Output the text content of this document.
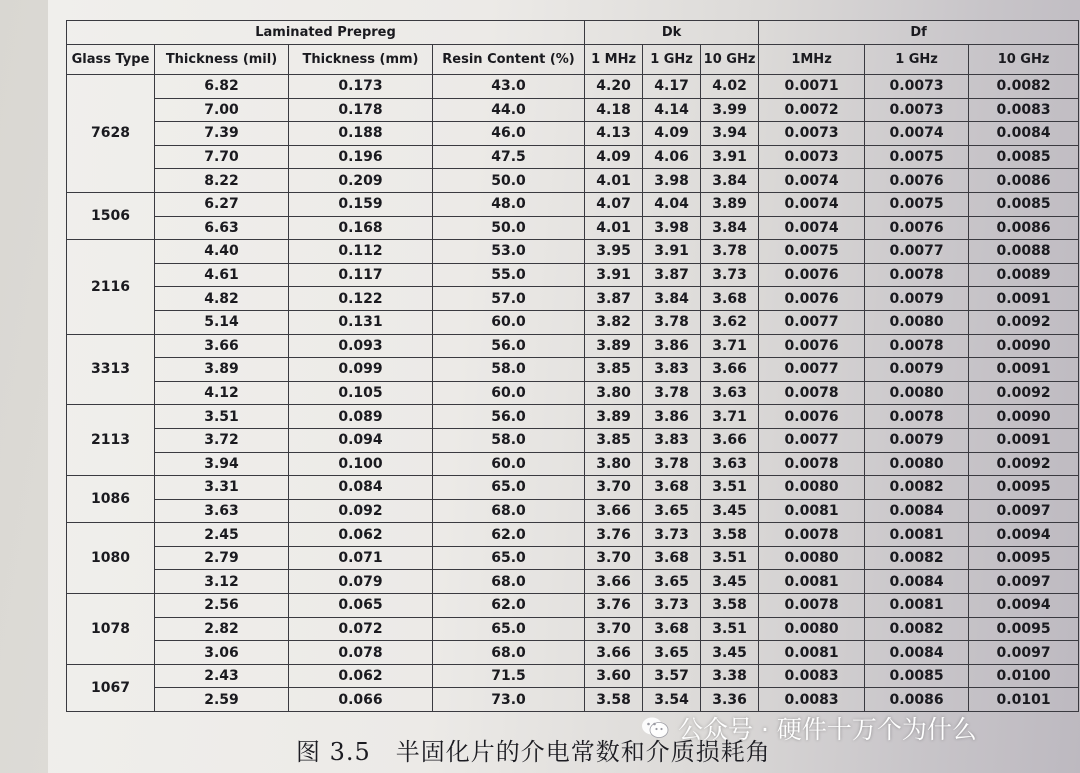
Laminated Prepreg				Dk			Df		
Glass Type	Thickness (mil)	Thickness (mm)	Resin Content (%)	1 MHz	1 GHz	10 GHz	1MHz	1 GHz	10 GHz
7628	6.82	0.173	43.0	4.20	4.17	4.02	0.0071	0.0073	0.0082
	7.00	0.178	44.0	4.18	4.14	3.99	0.0072	0.0073	0.0083
	7.39	0.188	46.0	4.13	4.09	3.94	0.0073	0.0074	0.0084
	7.70	0.196	47.5	4.09	4.06	3.91	0.0073	0.0075	0.0085
	8.22	0.209	50.0	4.01	3.98	3.84	0.0074	0.0076	0.0086
1506	6.27	0.159	48.0	4.07	4.04	3.89	0.0074	0.0075	0.0085
	6.63	0.168	50.0	4.01	3.98	3.84	0.0074	0.0076	0.0086
2116	4.40	0.112	53.0	3.95	3.91	3.78	0.0075	0.0077	0.0088
	4.61	0.117	55.0	3.91	3.87	3.73	0.0076	0.0078	0.0089
	4.82	0.122	57.0	3.87	3.84	3.68	0.0076	0.0079	0.0091
	5.14	0.131	60.0	3.82	3.78	3.62	0.0077	0.0080	0.0092
3313	3.66	0.093	56.0	3.89	3.86	3.71	0.0076	0.0078	0.0090
	3.89	0.099	58.0	3.85	3.83	3.66	0.0077	0.0079	0.0091
	4.12	0.105	60.0	3.80	3.78	3.63	0.0078	0.0080	0.0092
2113	3.51	0.089	56.0	3.89	3.86	3.71	0.0076	0.0078	0.0090
	3.72	0.094	58.0	3.85	3.83	3.66	0.0077	0.0079	0.0091
	3.94	0.100	60.0	3.80	3.78	3.63	0.0078	0.0080	0.0092
1086	3.31	0.084	65.0	3.70	3.68	3.51	0.0080	0.0082	0.0095
	3.63	0.092	68.0	3.66	3.65	3.45	0.0081	0.0084	0.0097
1080	2.45	0.062	62.0	3.76	3.73	3.58	0.0078	0.0081	0.0094
	2.79	0.071	65.0	3.70	3.68	3.51	0.0080	0.0082	0.0095
	3.12	0.079	68.0	3.66	3.65	3.45	0.0081	0.0084	0.0097
1078	2.56	0.065	62.0	3.76	3.73	3.58	0.0078	0.0081	0.0094
	2.82	0.072	65.0	3.70	3.68	3.51	0.0080	0.0082	0.0095
	3.06	0.078	68.0	3.66	3.65	3.45	0.0081	0.0084	0.0097
1067	2.43	0.062	71.5	3.60	3.57	3.38	0.0083	0.0085	0.0100
	2.59	0.066	73.0	3.58	3.54	3.36	0.0083	0.0086	0.0101
公众号 · 硬件十万个为什么
图 3.5　半固化片的介电常数和介质损耗角
